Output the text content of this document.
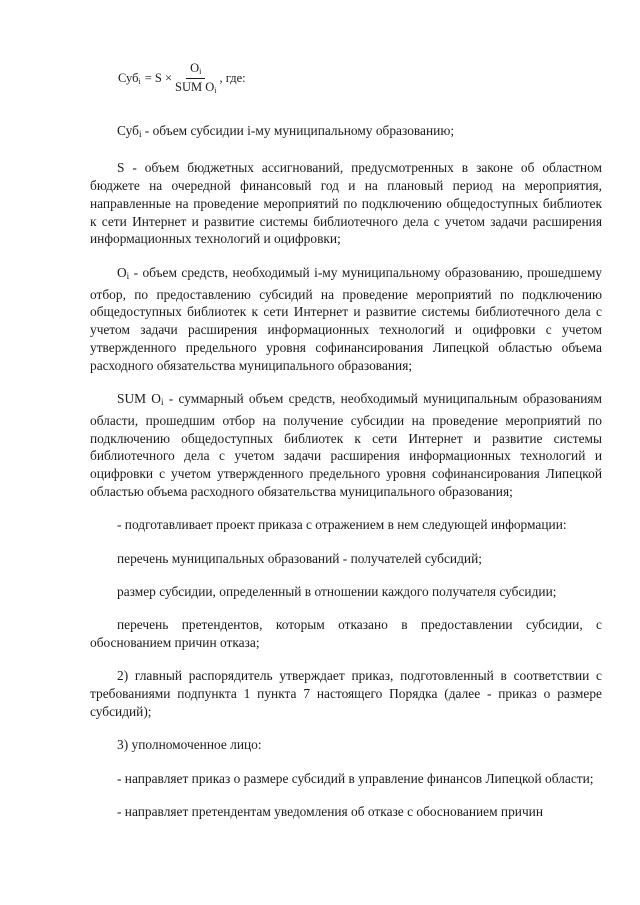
$Суб_i = S \times \frac{O_i}{SUM O_i}$ , где:

Субi - объем субсидии i-му муниципальному образованию;

S - объем бюджетных ассигнований, предусмотренных в законе об областном бюджете на очередной финансовый год и на плановый период на мероприятия, направленные на проведение мероприятий по подключению общедоступных библиотек к сети Интернет и развитие системы библиотечного дела с учетом задачи расширения информационных технологий и оцифровки;

Oi - объем средств, необходимый i-му муниципальному образованию, прошедшему отбор, по предоставлению субсидий на проведение мероприятий по подключению общедоступных библиотек к сети Интернет и развитие системы библиотечного дела с учетом задачи расширения информационных технологий и оцифровки с учетом утвержденного предельного уровня софинансирования Липецкой областью объема расходного обязательства муниципального образования;

SUM Oi - суммарный объем средств, необходимый муниципальным образованиям области, прошедшим отбор на получение субсидии на проведение мероприятий по подключению общедоступных библиотек к сети Интернет и развитие системы библиотечного дела с учетом задачи расширения информационных технологий и оцифровки с учетом утвержденного предельного уровня софинансирования Липецкой областью объема расходного обязательства муниципального образования;

- подготавливает проект приказа с отражением в нем следующей информации:

перечень муниципальных образований - получателей субсидий;

размер субсидии, определенный в отношении каждого получателя субсидии;

перечень претендентов, которым отказано в предоставлении субсидии, с обоснованием причин отказа;

2) главный распорядитель утверждает приказ, подготовленный в соответствии с требованиями подпункта 1 пункта 7 настоящего Порядка (далее - приказ о размере субсидий);

3) уполномоченное лицо:

- направляет приказ о размере субсидий в управление финансов Липецкой области;

- направляет претендентам уведомления об отказе с обоснованием причин
